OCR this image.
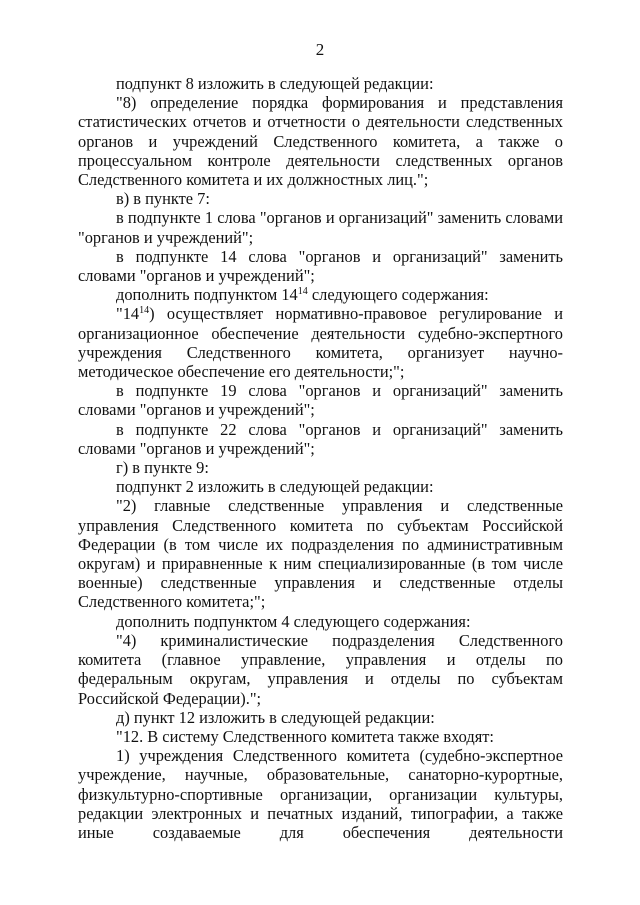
2

подпункт 8 изложить в следующей редакции:

"8) определение порядка формирования и представления статистических отчетов и отчетности о деятельности следственных органов и учреждений Следственного комитета, а также о процессуальном контроле деятельности следственных органов Следственного комитета и их должностных лиц.";

в) в пункте 7:

в подпункте 1 слова "органов и организаций" заменить словами "органов и учреждений";

в подпункте 14 слова "органов и организаций" заменить словами "органов и учреждений";

дополнить подпунктом $14^{14}$ следующего содержания:

"$14^{14}$) осуществляет нормативно-правовое регулирование и организационное обеспечение деятельности судебно-экспертного учреждения Следственного комитета, организует научно-методическое обеспечение его деятельности;";

в подпункте 19 слова "органов и организаций" заменить словами "органов и учреждений";

в подпункте 22 слова "органов и организаций" заменить словами "органов и учреждений";

г) в пункте 9:

подпункт 2 изложить в следующей редакции:

"2) главные следственные управления и следственные управления Следственного комитета по субъектам Российской Федерации (в том числе их подразделения по административным округам) и приравненные к ним специализированные (в том числе военные) следственные управления и следственные отделы Следственного комитета;";

дополнить подпунктом 4 следующего содержания:

"4) криминалистические подразделения Следственного комитета (главное управление, управления и отделы по федеральным округам, управления и отделы по субъектам Российской Федерации).";

д) пункт 12 изложить в следующей редакции:

"12. В систему Следственного комитета также входят:

1) учреждения Следственного комитета (судебно-экспертное учреждение, научные, образовательные, санаторно-курортные, физкультурно-спортивные организации, организации культуры, редакции электронных и печатных изданий, типографии, а также иные создаваемые для обеспечения деятельности
